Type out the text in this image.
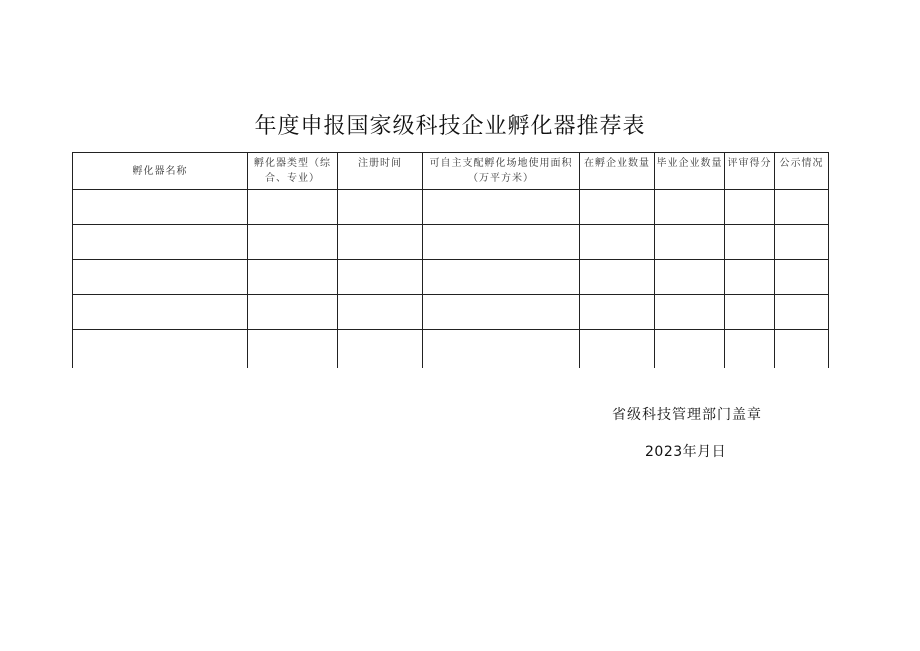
年度申报国家级科技企业孵化器推荐表
孵化器名称	孵化器类型（综合、专业）	注册时间	可自主支配孵化场地使用面积（万平方米）	在孵企业数量	毕业企业数量	评审得分	公示情况

省级科技管理部门盖章
2023年月日
